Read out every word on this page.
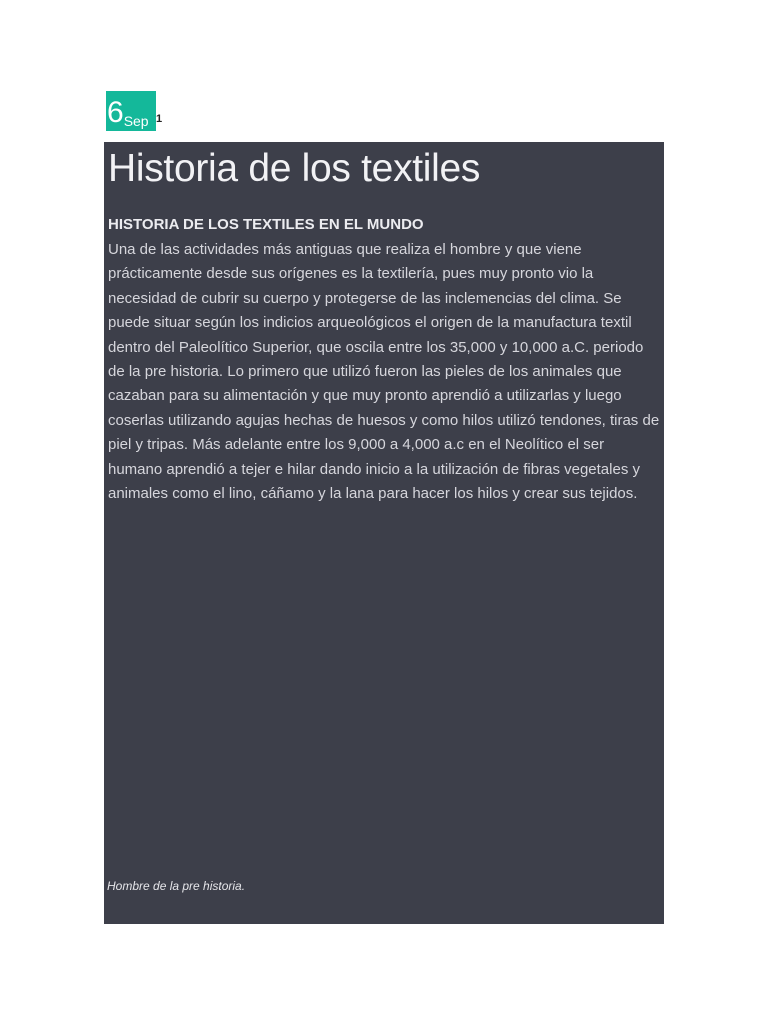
6 Sep 1
Historia de los textiles
HISTORIA DE LOS TEXTILES EN EL MUNDO

Una de las actividades más antiguas que realiza el hombre y que viene prácticamente desde sus orígenes es la textilería, pues muy pronto vio la necesidad de cubrir su cuerpo y protegerse de las inclemencias del clima. Se puede situar según los indicios arqueológicos el origen de la manufactura textil dentro del Paleolítico Superior, que oscila entre los 35,000 y 10,000 a.C. periodo de la pre historia. Lo primero que utilizó fueron las pieles de los animales que cazaban para su alimentación y que muy pronto aprendió a utilizarlas y luego coserlas utilizando agujas hechas de huesos y como hilos utilizó tendones, tiras de piel y tripas. Más adelante entre los 9,000 a 4,000 a.c en el Neolítico el ser humano aprendió a tejer e hilar dando inicio a la utilización de fibras vegetales y animales como el lino, cáñamo y la lana para hacer los hilos y crear sus tejidos.

Hombre de la pre historia.
